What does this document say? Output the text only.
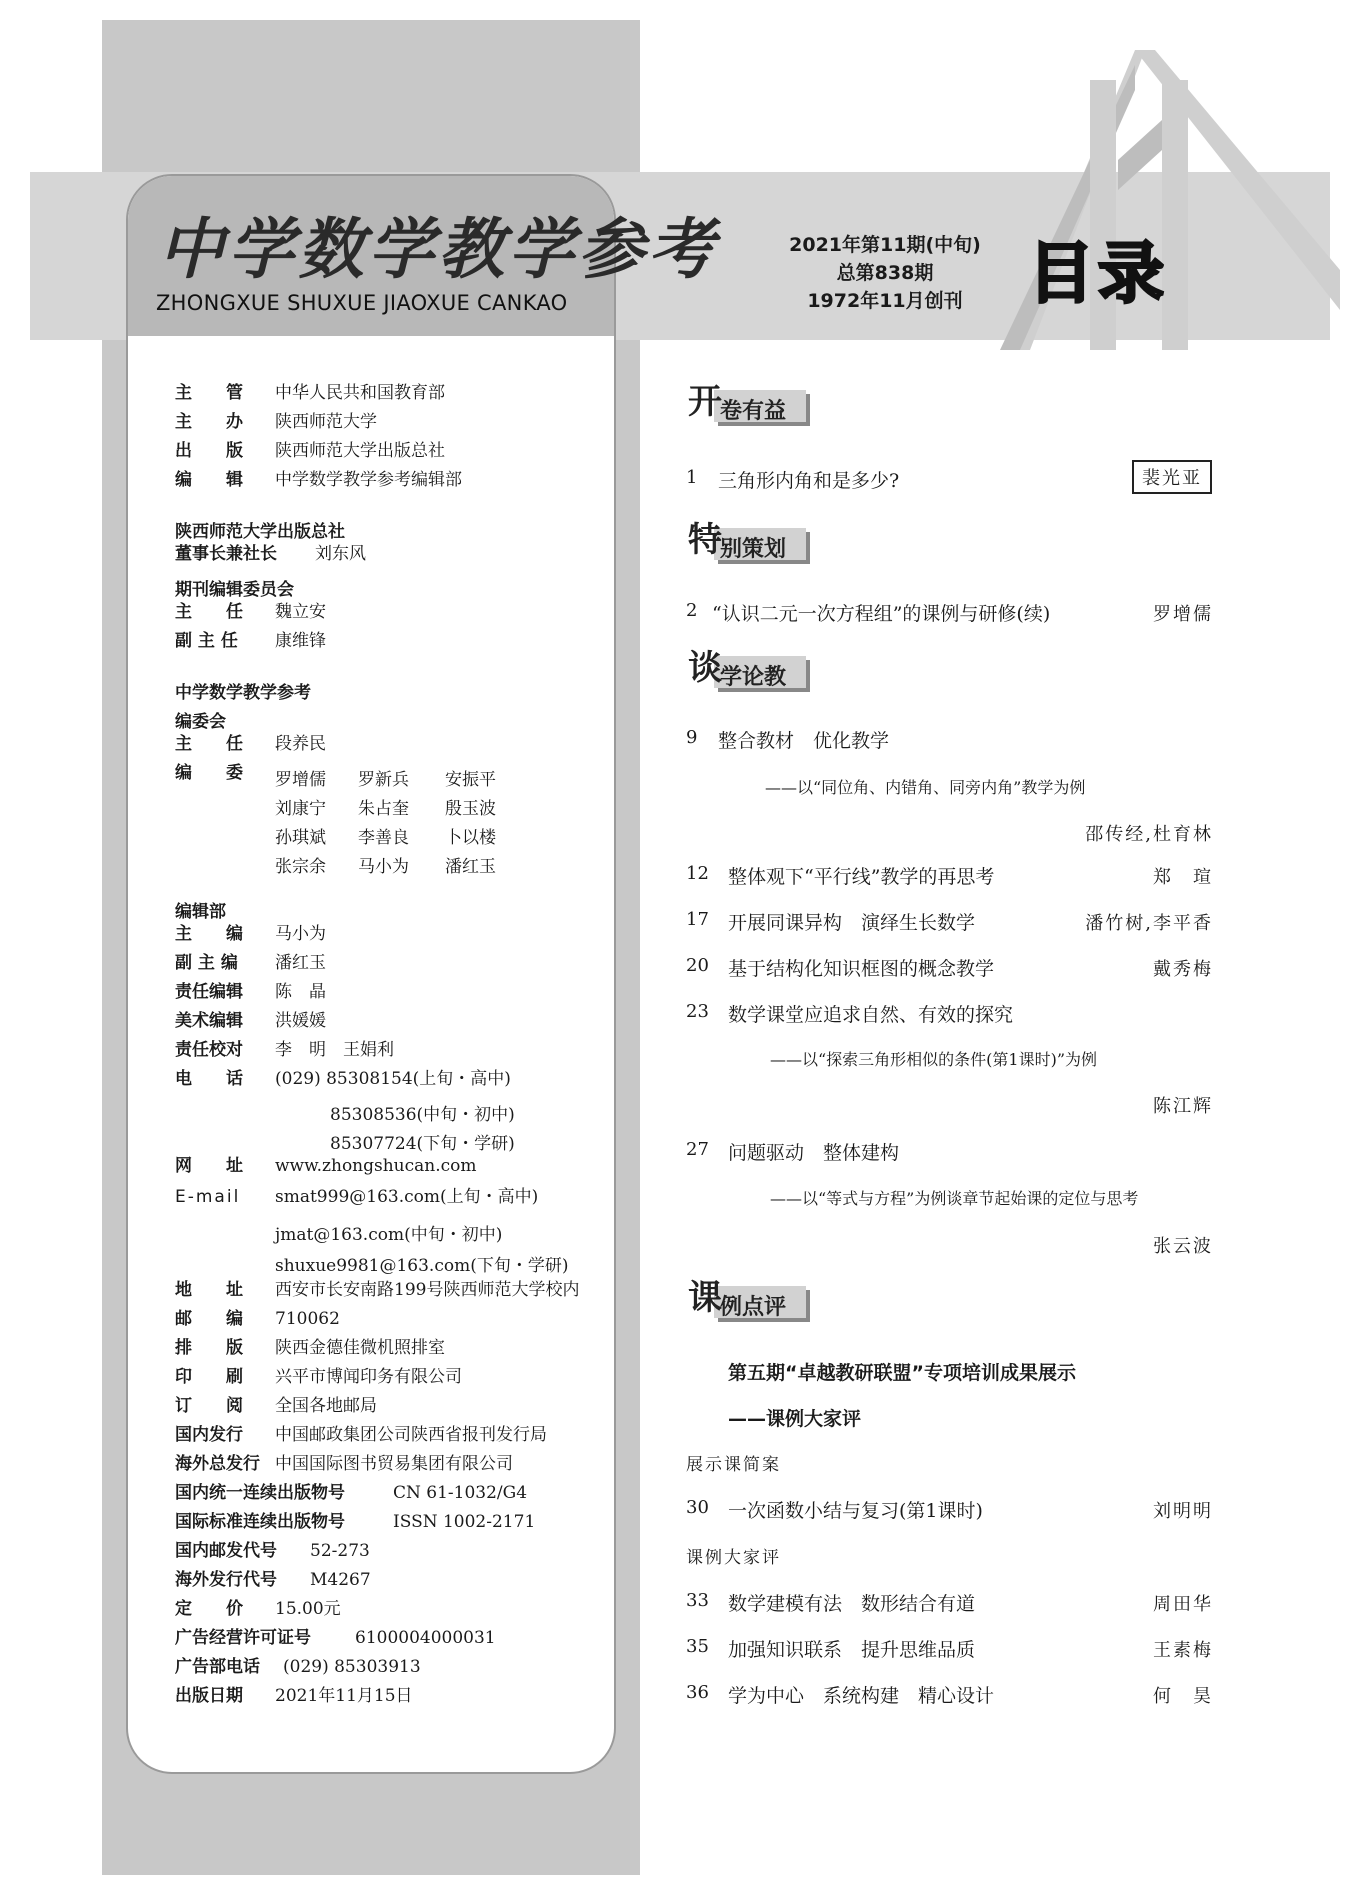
中学数学教学参考
ZHONGXUE SHUXUE JIAOXUE CANKAO
主　　管 中华人民共和国教育部
主　　办 陕西师范大学
出　　版 陕西师范大学出版总社
编　　辑 中学数学教学参考编辑部
陕西师范大学出版总社
董事长兼社长 刘东风
期刊编辑委员会
主　　任 魏立安
副 主 任 康维锋
中学数学教学参考
编委会
主　　任 段养民
编　　委	罗增儒 罗新兵 安振平
刘康宁 朱占奎 殷玉波
孙琪斌 李善良 卜以楼
张宗余 马小为 潘红玉
编辑部
主　　编 马小为
副 主 编 潘红玉
责任编辑 陈　晶
美术编辑 洪媛媛
责任校对 李　明　王娟利
电　　话 (029) 85308154(上旬・高中)
85308536(中旬・初中)
85307724(下旬・学研)
网　　址 www.zhongshucan.com
E-mail smat999@163.com(上旬・高中)
jmat@163.com(中旬・初中)
shuxue9981@163.com(下旬・学研)
地　　址 西安市长安南路199号陕西师范大学校内
邮　　编 710062
排　　版 陕西金德佳微机照排室
印　　刷 兴平市博闻印务有限公司
订　　阅 全国各地邮局
国内发行 中国邮政集团公司陕西省报刊发行局
海外总发行 中国国际图书贸易集团有限公司
国内统一连续出版物号	CN 61-1032/G4
国际标准连续出版物号	ISSN 1002-2171
国内邮发代号 52-273
海外发行代号 M4267
定　　价 15.00元
广告经营许可证号	6100004000031
广告部电话 (029) 85303913
出版日期 2021年11月15日
2021年第11期(中旬)
总第838期
1972年11月创刊 目录
开
卷有益
1 三角形内角和是多少?	裴光亚
特
别策划
2 “认识二元一次方程组”的课例与研修(续)	罗增儒
谈
学论教
9 整合教材　优化教学
——以“同位角、内错角、同旁内角”教学为例
邵传经,杜育林
12 整体观下“平行线”教学的再思考	郑　瑄
17 开展同课异构　演绎生长数学	潘竹树,李平香
20 基于结构化知识框图的概念教学	戴秀梅
23 数学课堂应追求自然、有效的探究
——以“探索三角形相似的条件(第1课时)”为例
陈江辉
27 问题驱动　整体建构
——以“等式与方程”为例谈章节起始课的定位与思考
张云波
课
例点评
第五期“卓越教研联盟”专项培训成果展示
——课例大家评
展示课简案
30 一次函数小结与复习(第1课时)	刘明明
课例大家评
33 数学建模有法　数形结合有道	周田华
35 加强知识联系　提升思维品质	王素梅
36 学为中心　系统构建　精心设计	何　昊
